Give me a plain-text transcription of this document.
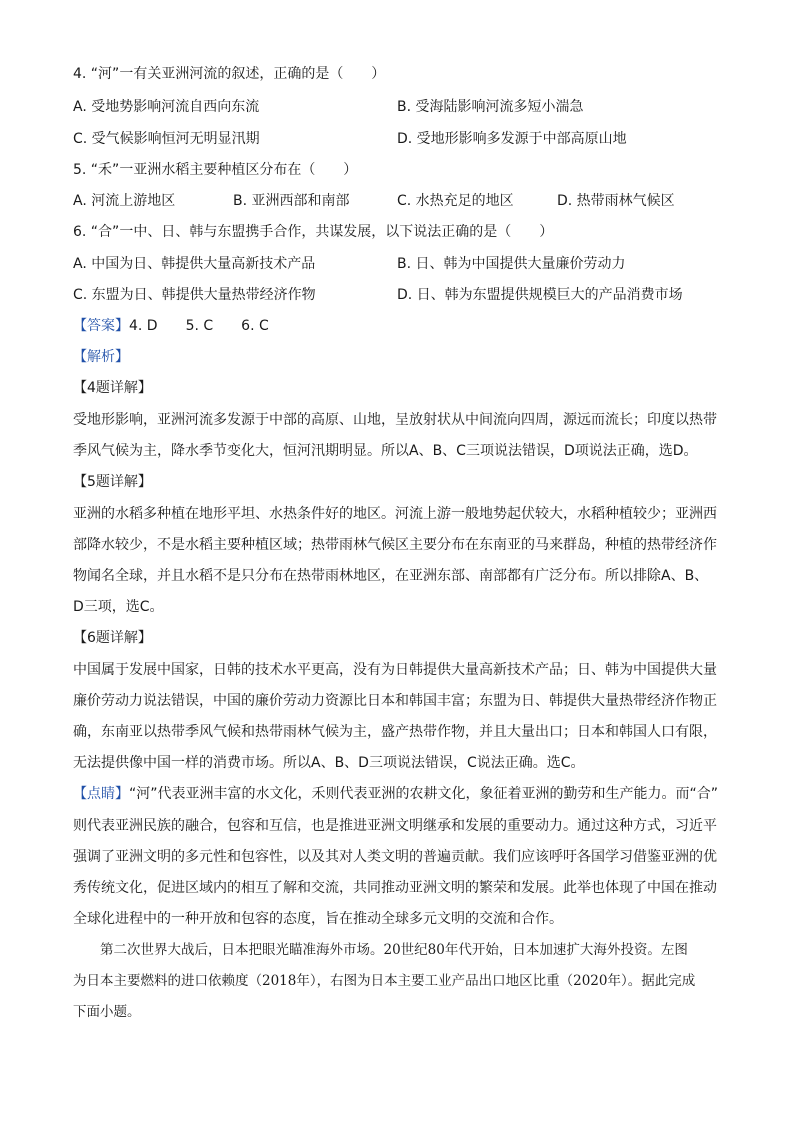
4. “河”一有关亚洲河流的叙述，正确的是（　　）
A. 受地势影响河流自西向东流	B. 受海陆影响河流多短小湍急
C. 受气候影响恒河无明显汛期	D. 受地形影响多发源于中部高原山地
5. “禾”一亚洲水稻主要种植区分布在（　　）
A. 河流上游地区	B. 亚洲西部和南部	C. 水热充足的地区	D. 热带雨林气候区
6. “合”一中、日、韩与东盟携手合作，共谋发展，以下说法正确的是（　　）
A. 中国为日、韩提供大量高新技术产品	B. 日、韩为中国提供大量廉价劳动力
C. 东盟为日、韩提供大量热带经济作物	D. 日、韩为东盟提供规模巨大的产品消费市场
【答案】4. D　　5. C　　6. C
【解析】
【4题详解】
受地形影响，亚洲河流多发源于中部的高原、山地，呈放射状从中间流向四周，源远而流长；印度以热带
季风气候为主，降水季节变化大，恒河汛期明显。所以A、B、C三项说法错误，D项说法正确，选D。
【5题详解】
亚洲的水稻多种植在地形平坦、水热条件好的地区。河流上游一般地势起伏较大，水稻种植较少；亚洲西
部降水较少，不是水稻主要种植区域；热带雨林气候区主要分布在东南亚的马来群岛，种植的热带经济作
物闻名全球，并且水稻不是只分布在热带雨林地区，在亚洲东部、南部都有广泛分布。所以排除A、B、
D三项，选C。
【6题详解】
中国属于发展中国家，日韩的技术水平更高，没有为日韩提供大量高新技术产品；日、韩为中国提供大量
廉价劳动力说法错误，中国的廉价劳动力资源比日本和韩国丰富；东盟为日、韩提供大量热带经济作物正
确，东南亚以热带季风气候和热带雨林气候为主，盛产热带作物，并且大量出口；日本和韩国人口有限，
无法提供像中国一样的消费市场。所以A、B、D三项说法错误，C说法正确。选C。
【点睛】“河”代表亚洲丰富的水文化，禾则代表亚洲的农耕文化，象征着亚洲的勤劳和生产能力。而“合”
则代表亚洲民族的融合，包容和互信，也是推进亚洲文明继承和发展的重要动力。通过这种方式，习近平
强调了亚洲文明的多元性和包容性，以及其对人类文明的普遍贡献。我们应该呼吁各国学习借鉴亚洲的优
秀传统文化，促进区域内的相互了解和交流，共同推动亚洲文明的繁荣和发展。此举也体现了中国在推动
全球化进程中的一种开放和包容的态度，旨在推动全球多元文明的交流和合作。
　　第二次世界大战后，日本把眼光瞄准海外市场。20世纪80年代开始，日本加速扩大海外投资。左图
为日本主要燃料的进口依赖度（2018年），右图为日本主要工业产品出口地区比重（2020年）。据此完成
下面小题。
